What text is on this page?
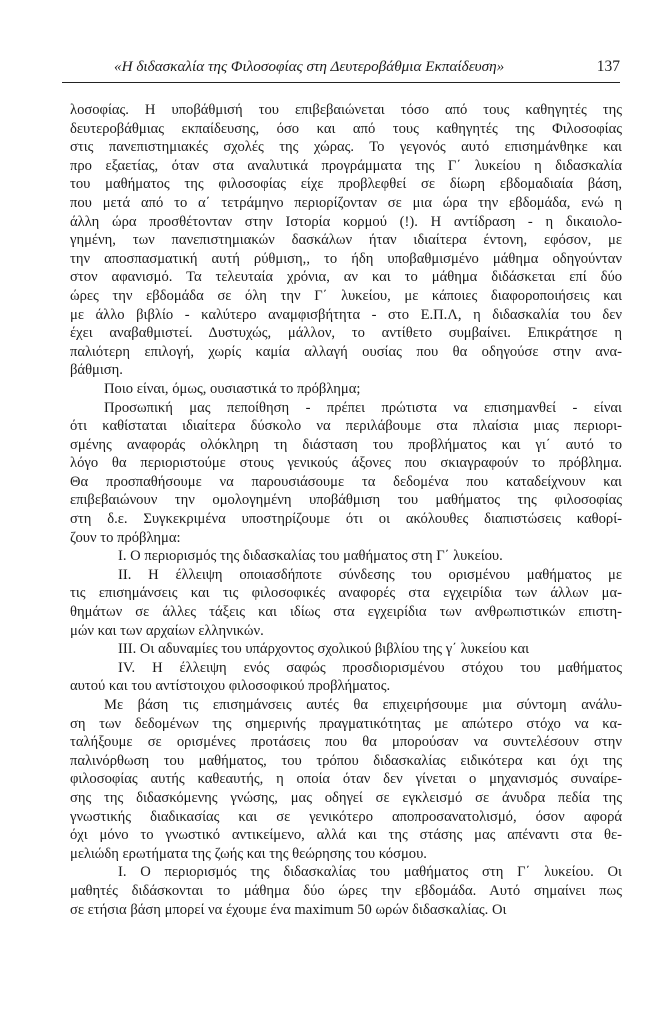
«Η διδασκαλία της Φιλοσοφίας στη Δευτεροβάθμια Εκπαίδευση»	137
λοσοφίας. Η υποβάθμισή του επιβεβαιώνεται τόσο από τους καθηγητές της
δευτεροβάθμιας εκπαίδευσης, όσο και από τους καθηγητές της Φιλοσοφίας
στις πανεπιστημιακές σχολές της χώρας. Το γεγονός αυτό επισημάνθηκε και
προ εξαετίας, όταν στα αναλυτικά προγράμματα της Γ΄ λυκείου η διδασκαλία
του μαθήματος της φιλοσοφίας είχε προβλεφθεί σε δίωρη εβδομαδιαία βάση,
που μετά από το α΄ τετράμηνο περιορίζονταν σε μια ώρα την εβδομάδα, ενώ η
άλλη ώρα προσθέτονταν στην Ιστορία κορμού (!). Η αντίδραση - η δικαιολο-
γημένη, των πανεπιστημιακών δασκάλων ήταν ιδιαίτερα έντονη, εφόσον, με
την αποσπασματική αυτή ρύθμιση,, το ήδη υποβαθμισμένο μάθημα οδηγούνταν
στον αφανισμό. Τα τελευταία χρόνια, αν και το μάθημα διδάσκεται επί δύο
ώρες την εβδομάδα σε όλη την Γ΄ λυκείου, με κάποιες διαφοροποιήσεις και
με άλλο βιβλίο - καλύτερο αναμφισβήτητα - στο Ε.Π.Λ, η διδασκαλία του δεν
έχει αναβαθμιστεί. Δυστυχώς, μάλλον, το αντίθετο συμβαίνει. Επικράτησε η
παλιότερη επιλογή, χωρίς καμία αλλαγή ουσίας που θα οδηγούσε στην ανα-
βάθμιση.
Ποιο είναι, όμως, ουσιαστικά το πρόβλημα;
Προσωπική μας πεποίθηση - πρέπει πρώτιστα να επισημανθεί - είναι
ότι καθίσταται ιδιαίτερα δύσκολο να περιλάβουμε στα πλαίσια μιας περιορι-
σμένης αναφοράς ολόκληρη τη διάσταση του προβλήματος και γι΄ αυτό το
λόγο θα περιοριστούμε στους γενικούς άξονες που σκιαγραφούν το πρόβλημα.
Θα προσπαθήσουμε να παρουσιάσουμε τα δεδομένα που καταδείχνουν και
επιβεβαιώνουν την ομολογημένη υποβάθμιση του μαθήματος της φιλοσοφίας
στη δ.ε. Συγκεκριμένα υποστηρίζουμε ότι οι ακόλουθες διαπιστώσεις καθορί-
ζουν το πρόβλημα:
Ι. Ο περιορισμός της διδασκαλίας του μαθήματος στη Γ΄ λυκείου.
ΙΙ. Η έλλειψη οποιασδήποτε σύνδεσης του ορισμένου μαθήματος με
τις επισημάνσεις και τις φιλοσοφικές αναφορές στα εγχειρίδια των άλλων μα-
θημάτων σε άλλες τάξεις και ιδίως στα εγχειρίδια των ανθρωπιστικών επιστη-
μών και των αρχαίων ελληνικών.
ΙΙΙ. Οι αδυναμίες του υπάρχοντος σχολικού βιβλίου της γ΄ λυκείου και
ΙV. Η έλλειψη ενός σαφώς προσδιορισμένου στόχου του μαθήματος
αυτού και του αντίστοιχου φιλοσοφικού προβλήματος.
Με βάση τις επισημάνσεις αυτές θα επιχειρήσουμε μια σύντομη ανάλυ-
ση των δεδομένων της σημερινής πραγματικότητας με απώτερο στόχο να κα-
ταλήξουμε σε ορισμένες προτάσεις που θα μπορούσαν να συντελέσουν στην
παλινόρθωση του μαθήματος, του τρόπου διδασκαλίας ειδικότερα και όχι της
φιλοσοφίας αυτής καθεαυτής, η οποία όταν δεν γίνεται ο μηχανισμός συναίρε-
σης της διδασκόμενης γνώσης, μας οδηγεί σε εγκλεισμό σε άνυδρα πεδία της
γνωστικής διαδικασίας και σε γενικότερο αποπροσανατολισμό, όσον αφορά
όχι μόνο το γνωστικό αντικείμενο, αλλά και της στάσης μας απέναντι στα θε-
μελιώδη ερωτήματα της ζωής και της θεώρησης του κόσμου.
Ι. Ο περιορισμός της διδασκαλίας του μαθήματος στη Γ΄ λυκείου. Οι
μαθητές διδάσκονται το μάθημα δύο ώρες την εβδομάδα. Αυτό σημαίνει πως
σε ετήσια βάση μπορεί να έχουμε ένα maximum 50 ωρών διδασκαλίας. Οι
